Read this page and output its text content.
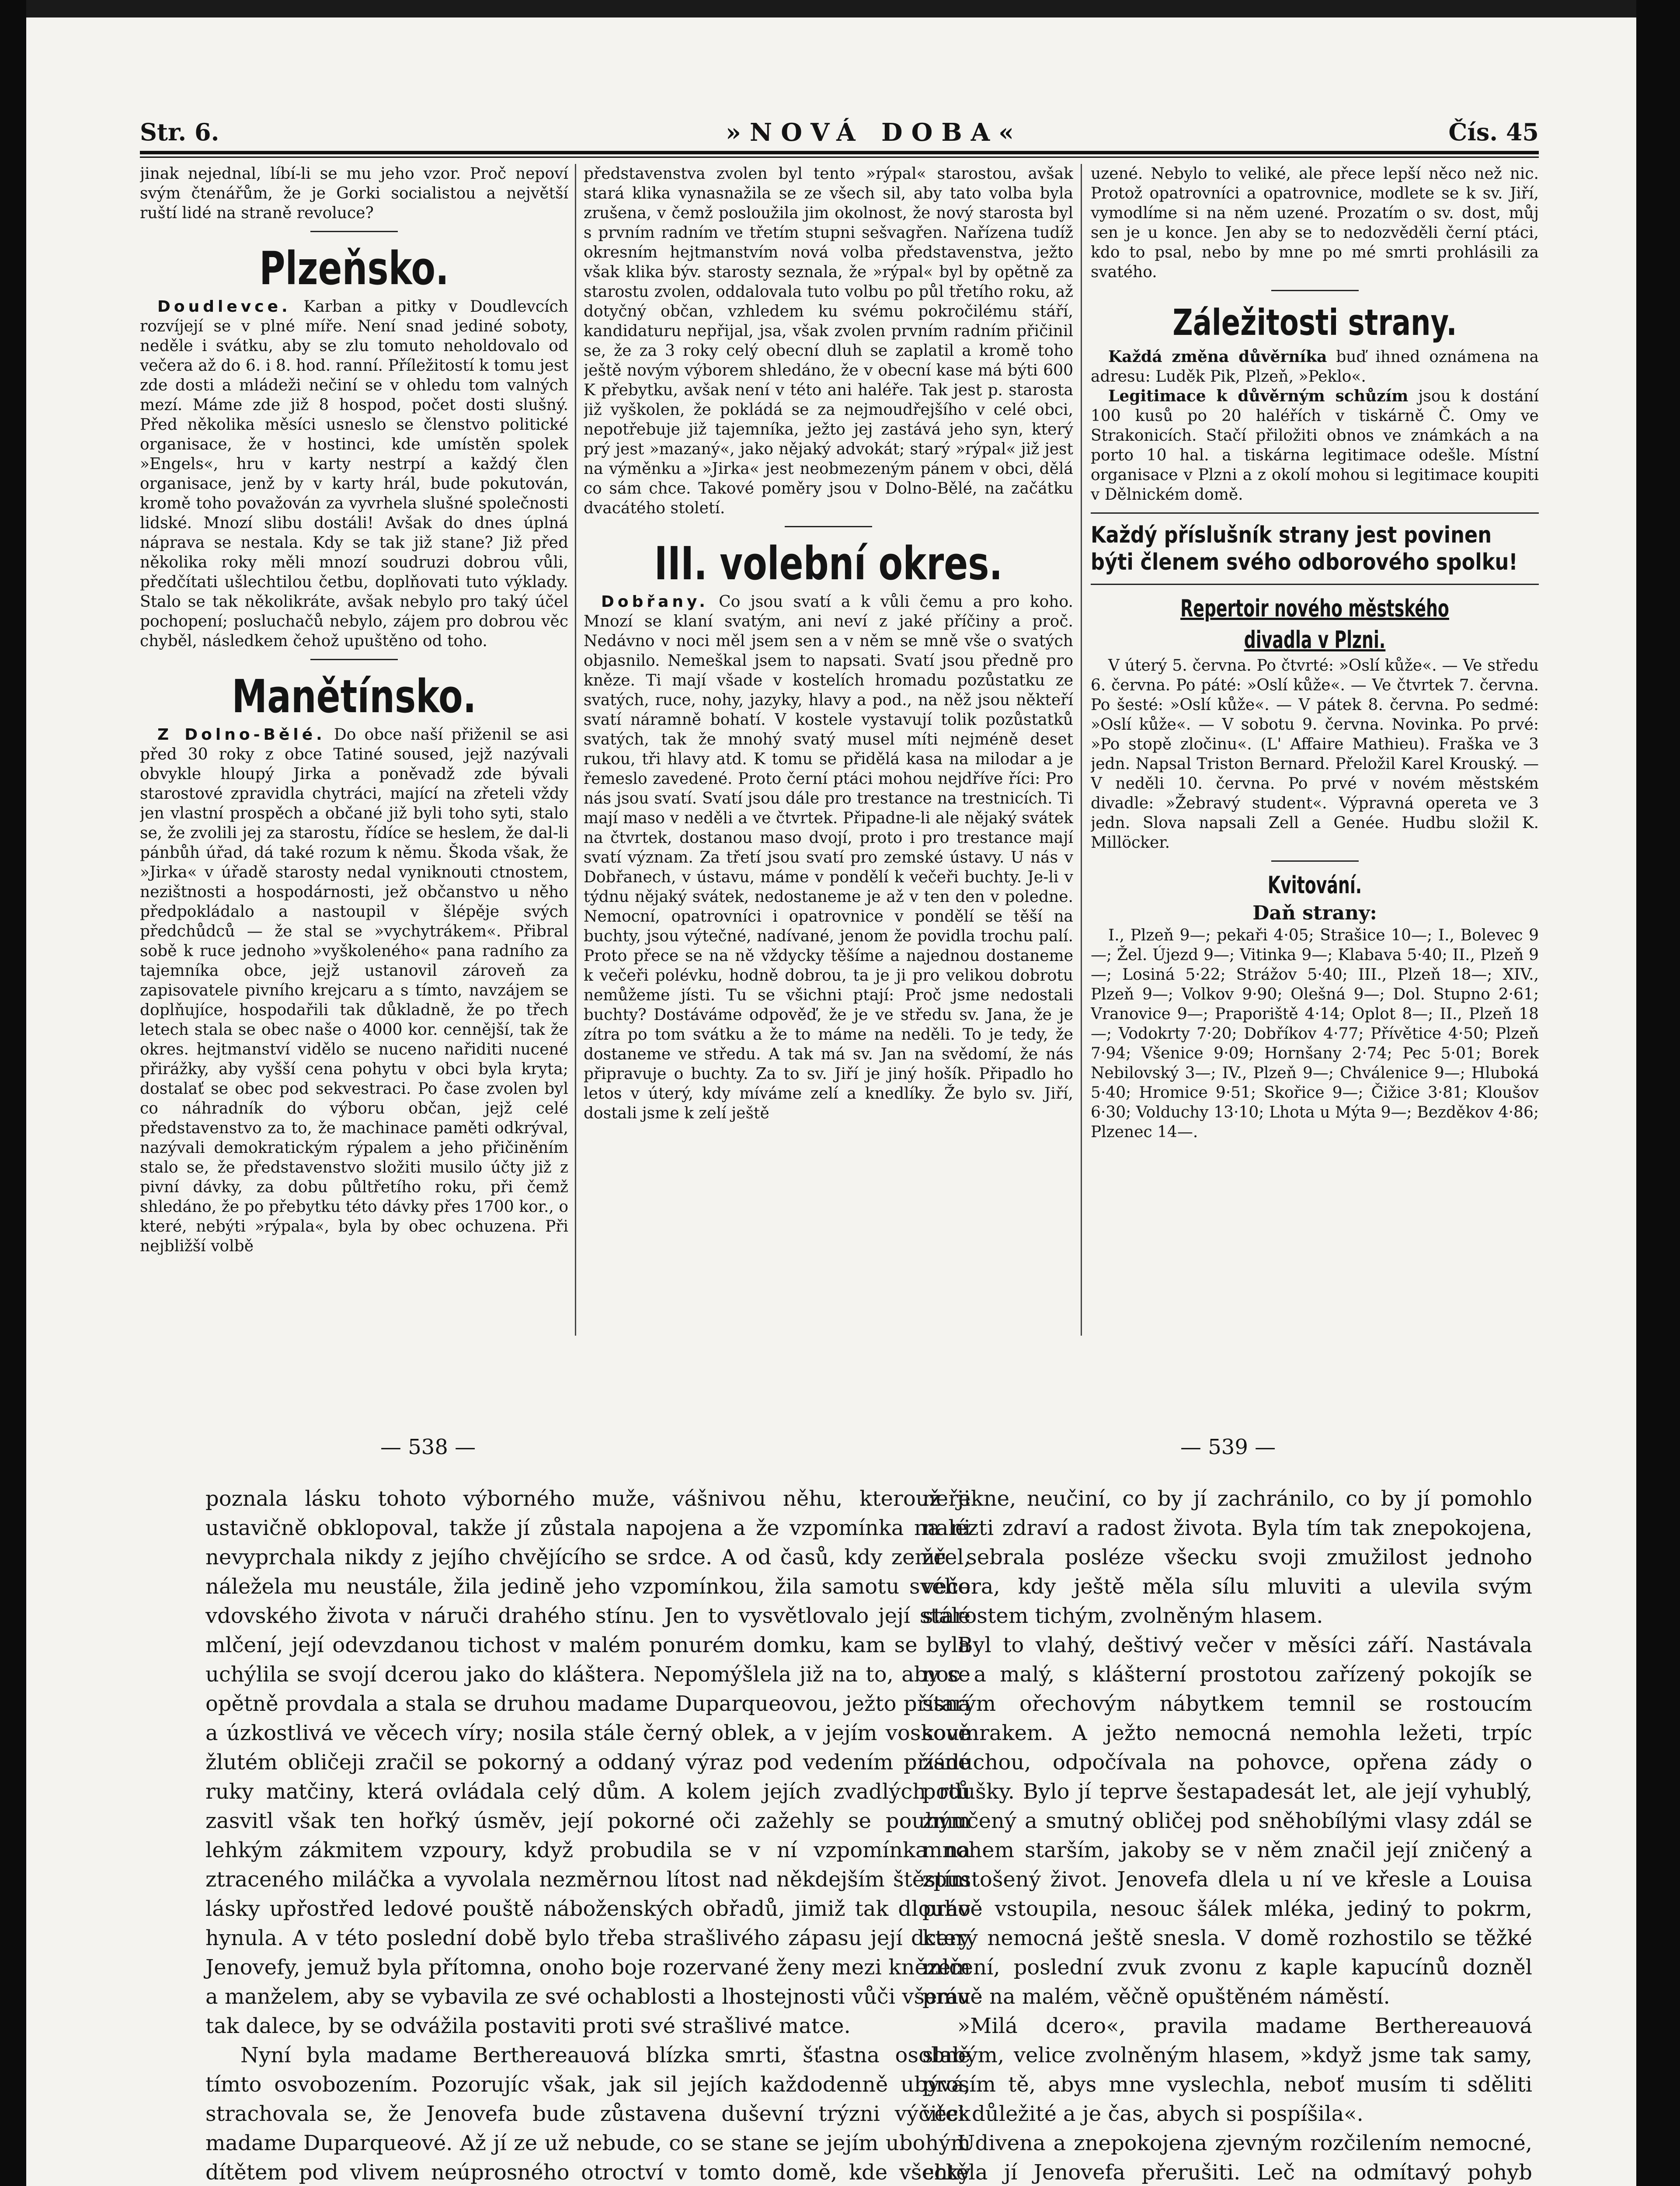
Str. 6.	»NOVÁ DOBA«	Čís. 45

jinak nejednal, líbí-li se mu jeho vzor. Proč nepoví svým čtenářům, že je Gorki socialistou a největší ruští lidé na straně revoluce?

Plzeňsko.

Doudlevce. Karban a pitky v Doudlevcích rozvíjejí se v plné míře. Není snad jediné soboty, neděle i svátku, aby se zlu tomuto neholdovalo od večera až do 6. i 8. hod. ranní. Příležitostí k tomu jest zde dosti a mládeži nečiní se v ohledu tom valných mezí. Máme zde již 8 hospod, počet dosti slušný. Před několika měsíci usneslo se členstvo politické organisace, že v hostinci, kde umístěn spolek »Engels«, hru v karty nestrpí a každý člen organisace, jenž by v karty hrál, bude pokutován, kromě toho považován za vyvrhela slušné společnosti lidské. Mnozí slibu dostáli! Avšak do dnes úplná náprava se nestala. Kdy se tak již stane? Již před několika roky měli mnozí soudruzi dobrou vůli, předčítati ušlechtilou četbu, doplňovati tuto výklady. Stalo se tak několikráte, avšak nebylo pro taký účel pochopení; posluchačů nebylo, zájem pro dobrou věc chyběl, následkem čehož upuštěno od toho.

Manětínsko.

Z Dolno-Bělé. Do obce naší přiženil se asi před 30 roky z obce Tatiné soused, jejž nazývali obvykle hloupý Jirka a poněvadž zde bývali starostové zpravidla chytráci, mající na zřeteli vždy jen vlastní prospěch a občané již byli toho syti, stalo se, že zvolili jej za starostu, řídíce se heslem, že dal-li pánbůh úřad, dá také rozum k němu. Škoda však, že »Jirka« v úřadě starosty nedal vyniknouti ctnostem, nezištnosti a hospodárnosti, jež občanstvo u něho předpokládalo a nastoupil v šlépěje svých předchůdců — že stal se »vychytrákem«. Přibral sobě k ruce jednoho »vyškoleného« pana radního za tajemníka obce, jejž ustanovil zároveň za zapisovatele pivního krejcaru a s tímto, navzájem se doplňujíce, hospodařili tak důkladně, že po třech letech stala se obec naše o 4000 kor. cennější, tak že okres. hejtmanství vidělo se nuceno nařiditi nucené přirážky, aby vyšší cena pohytu v obci byla kryta; dostalať se obec pod sekvestraci. Po čase zvolen byl co náhradník do výboru občan, jejž celé představenstvo za to, že machinace paměti odkrýval, nazývali demokratickým rýpalem a jeho přičiněním stalo se, že představenstvo složiti musilo účty již z pivní dávky, za dobu půltřetího roku, při čemž shledáno, že po přebytku této dávky přes 1700 kor., o které, nebýti »rýpala«, byla by obec ochuzena. Při nejbližší volbě

představenstva zvolen byl tento »rýpal« starostou, avšak stará klika vynasnažila se ze všech sil, aby tato volba byla zrušena, v čemž posloužila jim okolnost, že nový starosta byl s prvním radním ve třetím stupni sešvagřen. Nařízena tudíž okresním hejtmanstvím nová volba představenstva, ježto však klika býv. starosty seznala, že »rýpal« byl by opětně za starostu zvolen, oddalovala tuto volbu po půl třetího roku, až dotyčný občan, vzhledem ku svému pokročilému stáří, kandidaturu nepřijal, jsa, však zvolen prvním radním přičinil se, že za 3 roky celý obecní dluh se zaplatil a kromě toho ještě novým výborem shledáno, že v obecní kase má býti 600 K přebytku, avšak není v této ani haléře. Tak jest p. starosta již vyškolen, že pokládá se za nejmoudřejšího v celé obci, nepotřebuje již tajemníka, ježto jej zastává jeho syn, který prý jest »mazaný«, jako nějaký advokát; starý »rýpal« již jest na výměnku a »Jirka« jest neobmezeným pánem v obci, dělá co sám chce. Takové poměry jsou v Dolno-Bělé, na začátku dvacátého století.

III. volební okres.

Dobřany. Co jsou svatí a k vůli čemu a pro koho. Mnozí se klaní svatým, ani neví z jaké příčiny a proč. Nedávno v noci měl jsem sen a v něm se mně vše o svatých objasnilo. Nemeškal jsem to napsati. Svatí jsou předně pro kněze. Ti mají všade v kostelích hromadu pozůstatku ze svatých, ruce, nohy, jazyky, hlavy a pod., na něž jsou někteří svatí náramně bohatí. V kostele vystavují tolik pozůstatků svatých, tak že mnohý svatý musel míti nejméně deset rukou, tři hlavy atd. K tomu se přidělá kasa na milodar a je řemeslo zavedené. Proto černí ptáci mohou nejdříve říci: Pro nás jsou svatí. Svatí jsou dále pro trestance na trestnicích. Ti mají maso v neděli a ve čtvrtek. Připadne-li ale nějaký svátek na čtvrtek, dostanou maso dvojí, proto i pro trestance mají svatí význam. Za třetí jsou svatí pro zemské ústavy. U nás v Dobřanech, v ústavu, máme v pondělí k večeři buchty. Je-li v týdnu nějaký svátek, nedostaneme je až v ten den v poledne. Nemocní, opatrovníci i opatrovnice v pondělí se těší na buchty, jsou výtečné, nadívané, jenom že povidla trochu palí. Proto přece se na ně vždycky těšíme a najednou dostaneme k večeři polévku, hodně dobrou, ta je ji pro velikou dobrotu nemůžeme jísti. Tu se všichni ptají: Proč jsme nedostali buchty? Dostáváme odpověď, že je ve středu sv. Jana, že je zítra po tom svátku a že to máme na neděli. To je tedy, že dostaneme ve středu. A tak má sv. Jan na svědomí, že nás připravuje o buchty. Za to sv. Jiří je jiný hošík. Připadlo ho letos v úterý, kdy míváme zelí a knedlíky. Že bylo sv. Jiří, dostali jsme k zelí ještě

uzené. Nebylo to veliké, ale přece lepší něco než nic. Protož opatrovníci a opatrovnice, modlete se k sv. Jiří, vymodlíme si na něm uzené. Prozatím o sv. dost, můj sen je u konce. Jen aby se to nedozvěděli černí ptáci, kdo to psal, nebo by mne po mé smrti prohlásili za svatého.

Záležitosti strany.

Každá změna důvěrníka buď ihned oznámena na adresu: Luděk Pik, Plzeň, »Peklo«.

Legitimace k důvěrným schůzím jsou k dostání 100 kusů po 20 haléřích v tiskárně Č. Omy ve Strakonicích. Stačí přiložiti obnos ve známkách a na porto 10 hal. a tiskárna legitimace odešle. Místní organisace v Plzni a z okolí mohou si legitimace koupiti v Dělnickém domě.

Každý příslušník strany jest povinen býti členem svého odborového spolku!
Repertoir nového městského divadla v Plzni.

V úterý 5. června. Po čtvrté: »Oslí kůže«. — Ve středu 6. června. Po páté: »Oslí kůže«. — Ve čtvrtek 7. června. Po šesté: »Oslí kůže«. — V pátek 8. června. Po sedmé: »Oslí kůže«. — V sobotu 9. června. Novinka. Po prvé: »Po stopě zločinu«. (L' Affaire Mathieu). Fraška ve 3 jedn. Napsal Triston Bernard. Přeložil Karel Krouský. — V neděli 10. června. Po prvé v novém městském divadle: »Žebravý student«. Výpravná opereta ve 3 jedn. Slova napsali Zell a Genée. Hudbu složil K. Millöcker.

Kvitování.

Daň strany:

I., Plzeň 9—; pekaři 4·05; Strašice 10—; I., Bolevec 9—; Žel. Újezd 9—; Vitinka 9—; Klabava 5·40; II., Plzeň 9—; Losiná 5·22; Strážov 5·40; III., Plzeň 18—; XIV., Plzeň 9—; Volkov 9·90; Olešná 9—; Dol. Stupno 2·61; Vranovice 9—; Praporiště 4·14; Oplot 8—; II., Plzeň 18—; Vodokrty 7·20; Dobříkov 4·77; Přívětice 4·50; Plzeň 7·94; Všenice 9·09; Hornšany 2·74; Pec 5·01; Borek Nebilovský 3—; IV., Plzeň 9—; Chválenice 9—; Hluboká 5·40; Hromice 9·51; Skořice 9—; Čižice 3·81; Kloušov 6·30; Volduchy 13·10; Lhota u Mýta 9—; Bezděkov 4·86; Plzenec 14—.

— 538 —	— 539 —

poznala lásku tohoto výborného muže, vášnivou něhu, kterouž ji ustavičně obklopoval, takže jí zůstala napojena a že vzpomínka na ni nevyprchala nikdy z jejího chvějícího se srdce. A od časů, kdy zemřel, náležela mu neustále, žila jedině jeho vzpomínkou, žila samotu svého vdovského života v náruči drahého stínu. Jen to vysvětlovalo její stálé mlčení, její odevzdanou tichost v malém ponurém domku, kam se byla uchýlila se svojí dcerou jako do kláštera. Nepomýšlela již na to, aby se opětně provdala a stala se druhou madame Duparqueovou, ježto přísná a úzkostlivá ve věcech víry; nosila stále černý oblek, a v jejím voskově žlutém obličeji zračil se pokorný a oddaný výraz pod vedením přísné ruky matčiny, která ovládala celý dům. A kolem jejích zvadlých rtů zasvitl však ten hořký úsměv, její pokorné oči zažehly se pouhým lehkým zákmitem vzpoury, když probudila se v ní vzpomínka na ztraceného miláčka a vyvolala nezměrnou lítost nad někdejším štěstím lásky upřostřed ledové pouště náboženských obřadů, jimiž tak dlouho hynula. A v této poslední době bylo třeba strašlivého zápasu její dcery Jenovefy, jemuž byla přítomna, onoho boje rozervané ženy mezi knězem a manželem, aby se vybavila ze své ochablosti a lhostejnosti vůči všemu tak dalece, by se odvážila postaviti proti své strašlivé matce.

Nyní byla madame Berthereauová blízka smrti, šťastna osobně tímto osvobozením. Pozorujíc však, jak sil jejích každodenně ubývá, strachovala se, že Jenovefa bude zůstavena duševní trýzni výčitek madame Duparqueové. Až jí ze už nebude, co se stane se jejím ubohým dítětem pod vlivem neúprosného otroctví v tomto domě, kde všecky

neřekne, neučiní, co by jí zachránilo, co by jí pomohlo nalézti zdraví a radost života. Byla tím tak znepokojena, že sebrala posléze všecku svoji zmužilost jednoho večera, kdy ještě měla sílu mluviti a ulevila svým starostem tichým, zvolněným hlasem.

Byl to vlahý, deštivý večer v měsíci září. Nastávala noc a malý, s klášterní prostotou zařízený pokojík se starým ořechovým nábytkem temnil se rostoucím soumrakem. A ježto nemocná nemohla ležeti, trpíc záduchou, odpočívala na pohovce, opřena zády o podušky. Bylo jí teprve šestapadesát let, ale její vyhublý, zmučený a smutný obličej pod sněhobílými vlasy zdál se mnohem starším, jakoby se v něm značil její zničený a zpustošený život. Jenovefa dlela u ní ve křesle a Louisa právě vstoupila, nesouc šálek mléka, jediný to pokrm, který nemocná ještě snesla. V domě rozhostilo se těžké mlčení, poslední zvuk zvonu z kaple kapucínů dozněl právě na malém, věčně opuštěném náměstí.

»Milá dcero«, pravila madame Berthereauová slabým, velice zvolněným hlasem, »když jsme tak samy, prosím tě, abys mne vyslechla, neboť musím ti sděliti věci důležité a je čas, abych si pospíšila«.

Udivena a znepokojena zjevným rozčilením nemocné, chtěla jí Jenovefa přerušiti. Leč na odmítavý pohyb
